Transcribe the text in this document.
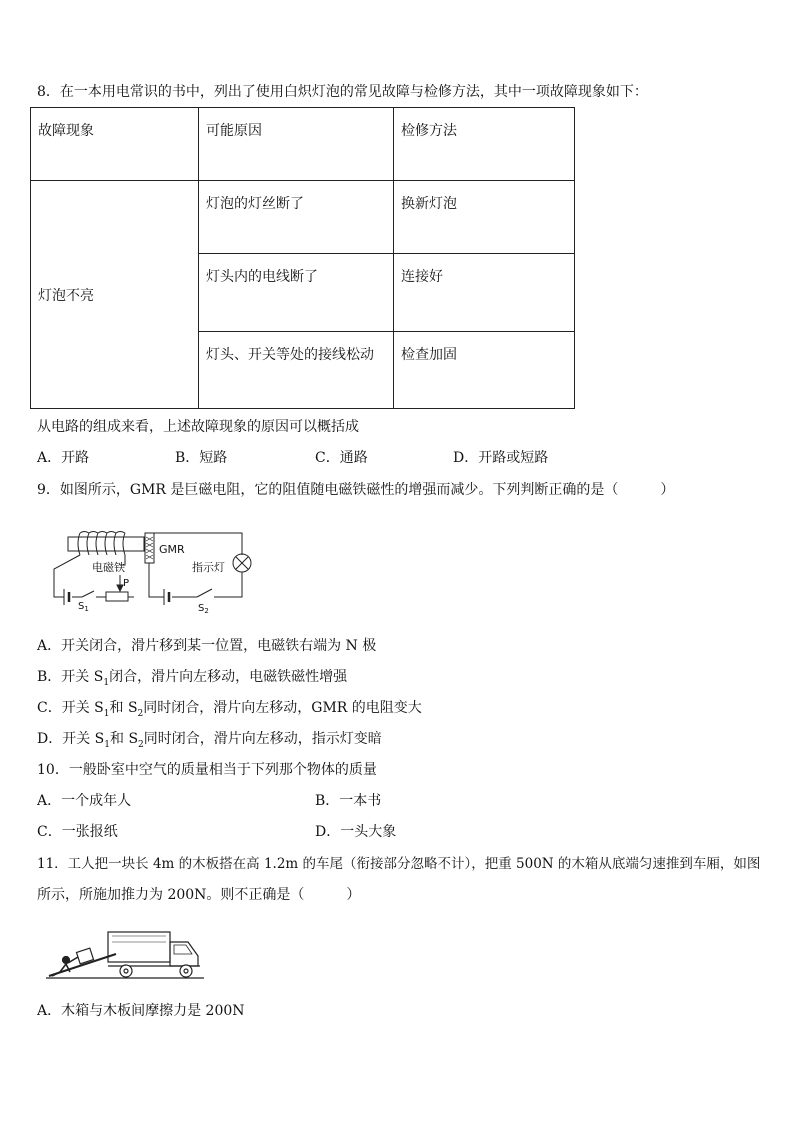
8．在一本用电常识的书中，列出了使用白炽灯泡的常见故障与检修方法，其中一项故障现象如下：
故障现象	可能原因	检修方法
灯泡不亮	灯泡的灯丝断了	换新灯泡
	灯头内的电线断了	连接好
	灯头、开关等处的接线松动	检查加固
从电路的组成来看，上述故障现象的原因可以概括成
A．开路	B．短路	C．通路	D．开路或短路
9．如图所示，GMR 是巨磁电阻，它的阻值随电磁铁磁性的增强而减少。下列判断正确的是（　　　）
GMR
电磁铁	指示灯
P
$S_1$	$S_2$
A．开关闭合，滑片移到某一位置，电磁铁右端为 N 极
B．开关 $S_1$闭合，滑片向左移动，电磁铁磁性增强
C．开关 $S_1$和 $S_2$同时闭合，滑片向左移动，GMR 的电阻变大
D．开关 $S_1$和 $S_2$同时闭合，滑片向左移动，指示灯变暗
10．一般卧室中空气的质量相当于下列那个物体的质量
A．一个成年人	B．一本书
C．一张报纸	D．一头大象
11．工人把一块长 4m 的木板搭在高 1.2m 的车尾（衔接部分忽略不计），把重 500N 的木箱从底端匀速推到车厢，如图
所示，所施加推力为 200N。则不正确是（　　　）
A．木箱与木板间摩擦力是 200N
